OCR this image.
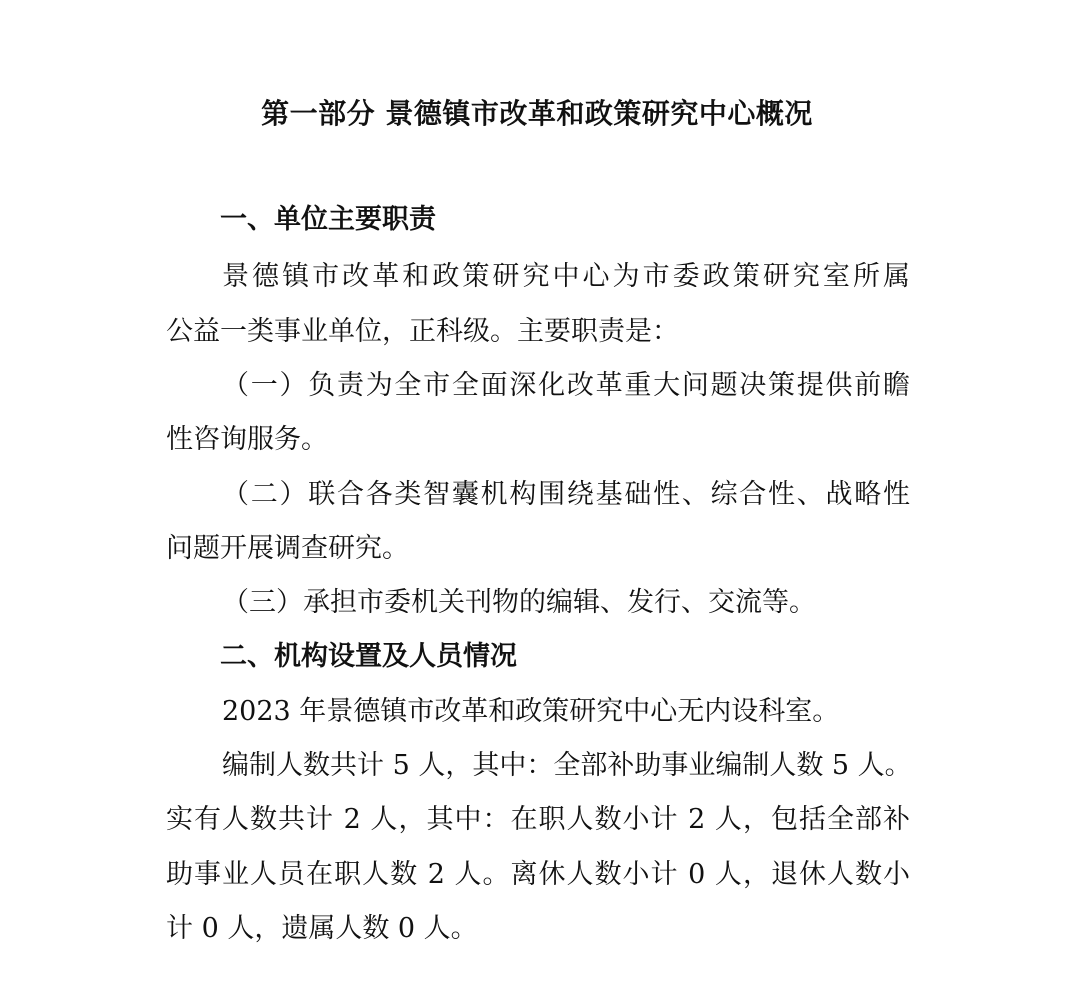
第一部分 景德镇市改革和政策研究中心概况
一、单位主要职责
景德镇市改革和政策研究中心为市委政策研究室所属
公益一类事业单位，正科级。主要职责是：
（一）负责为全市全面深化改革重大问题决策提供前瞻
性咨询服务。
（二）联合各类智囊机构围绕基础性、综合性、战略性
问题开展调查研究。
（三）承担市委机关刊物的编辑、发行、交流等。
二、机构设置及人员情况
2023 年景德镇市改革和政策研究中心无内设科室。
编制人数共计 5 人，其中：全部补助事业编制人数 5 人。
实有人数共计 2 人，其中：在职人数小计 2 人，包括全部补
助事业人员在职人数 2 人。离休人数小计 0 人，退休人数小
计 0 人，遗属人数 0 人。
